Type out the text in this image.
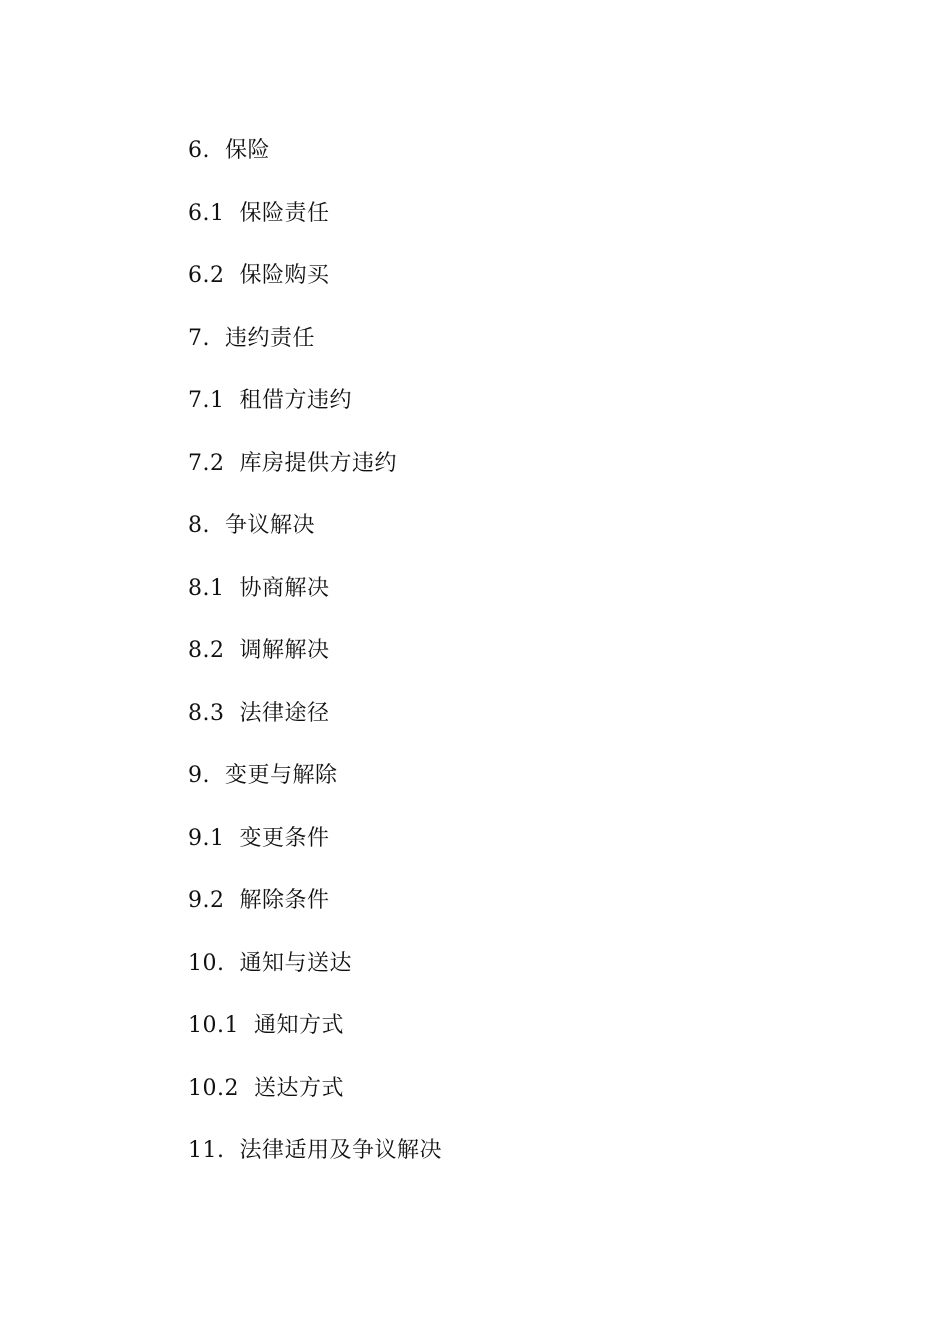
6.  保险
6.1  保险责任
6.2  保险购买
7.  违约责任
7.1  租借方违约
7.2  库房提供方违约
8.  争议解决
8.1  协商解决
8.2  调解解决
8.3  法律途径
9.  变更与解除
9.1  变更条件
9.2  解除条件
10.  通知与送达
10.1  通知方式
10.2  送达方式
11.  法律适用及争议解决
